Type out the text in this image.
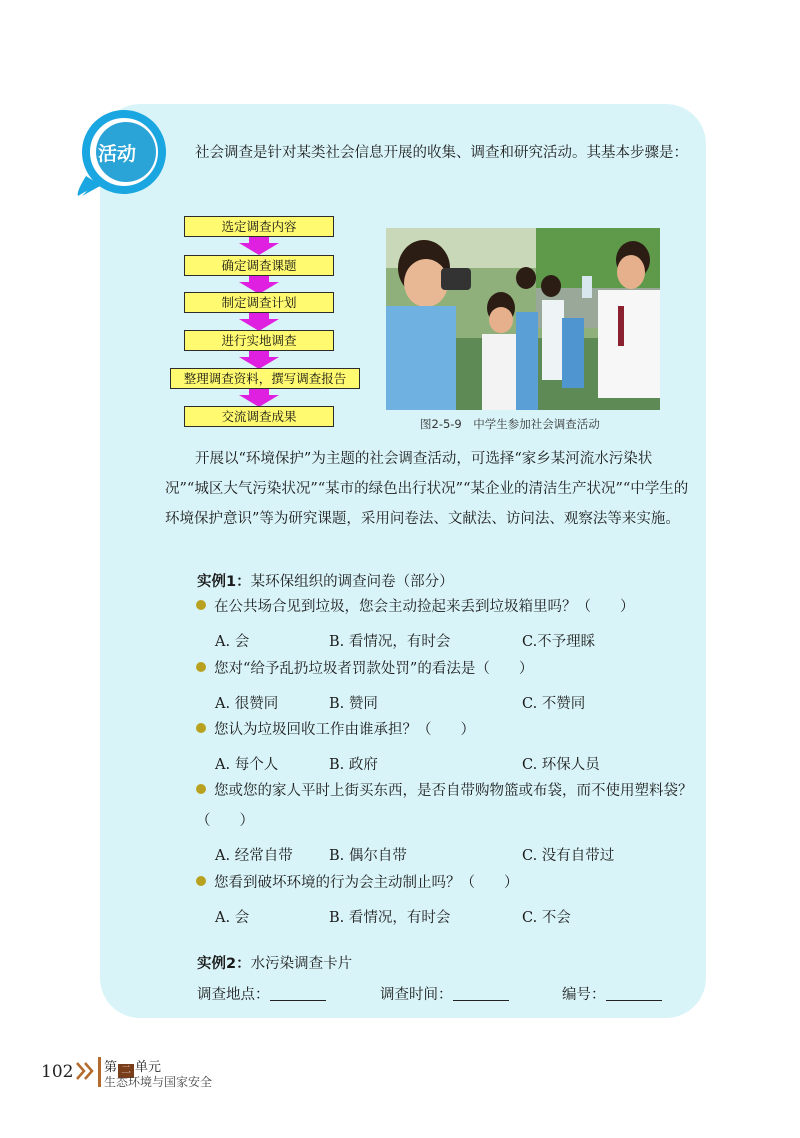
活动	社会调查是针对某类社会信息开展的收集、调查和研究活动。其基本步骤是：
选定调查内容
确定调查课题
制定调查计划
进行实地调查
整理调查资料，撰写调查报告
交流调查成果	图2-5-9　中学生参加社会调查活动
开展以“环境保护”为主题的社会调查活动，可选择“家乡某河流水污染状况”“城区大气污染状况”“某市的绿色出行状况”“某企业的清洁生产状况”“中学生的环境保护意识”等为研究课题，采用问卷法、文献法、访问法、观察法等来实施。
实例1：某环保组织的调查问卷（部分）
在公共场合见到垃圾，您会主动捡起来丢到垃圾箱里吗？（　　）
A. 会	B. 看情况，有时会	C.不予理睬
您对“给予乱扔垃圾者罚款处罚”的看法是（　　）
A. 很赞同	B. 赞同	C. 不赞同
您认为垃圾回收工作由谁承担？（　　）
A. 每个人	B. 政府	C. 环保人员
您或您的家人平时上街买东西，是否自带购物篮或布袋，而不使用塑料袋？（　　）
A. 经常自带	B. 偶尔自带	C. 没有自带过
您看到破坏环境的行为会主动制止吗？（　　）
A. 会	B. 看情况，有时会	C. 不会
实例2：水污染调查卡片
调查地点：	调查时间：	编号：
102 第 二 单元
生态环境与国家安全
